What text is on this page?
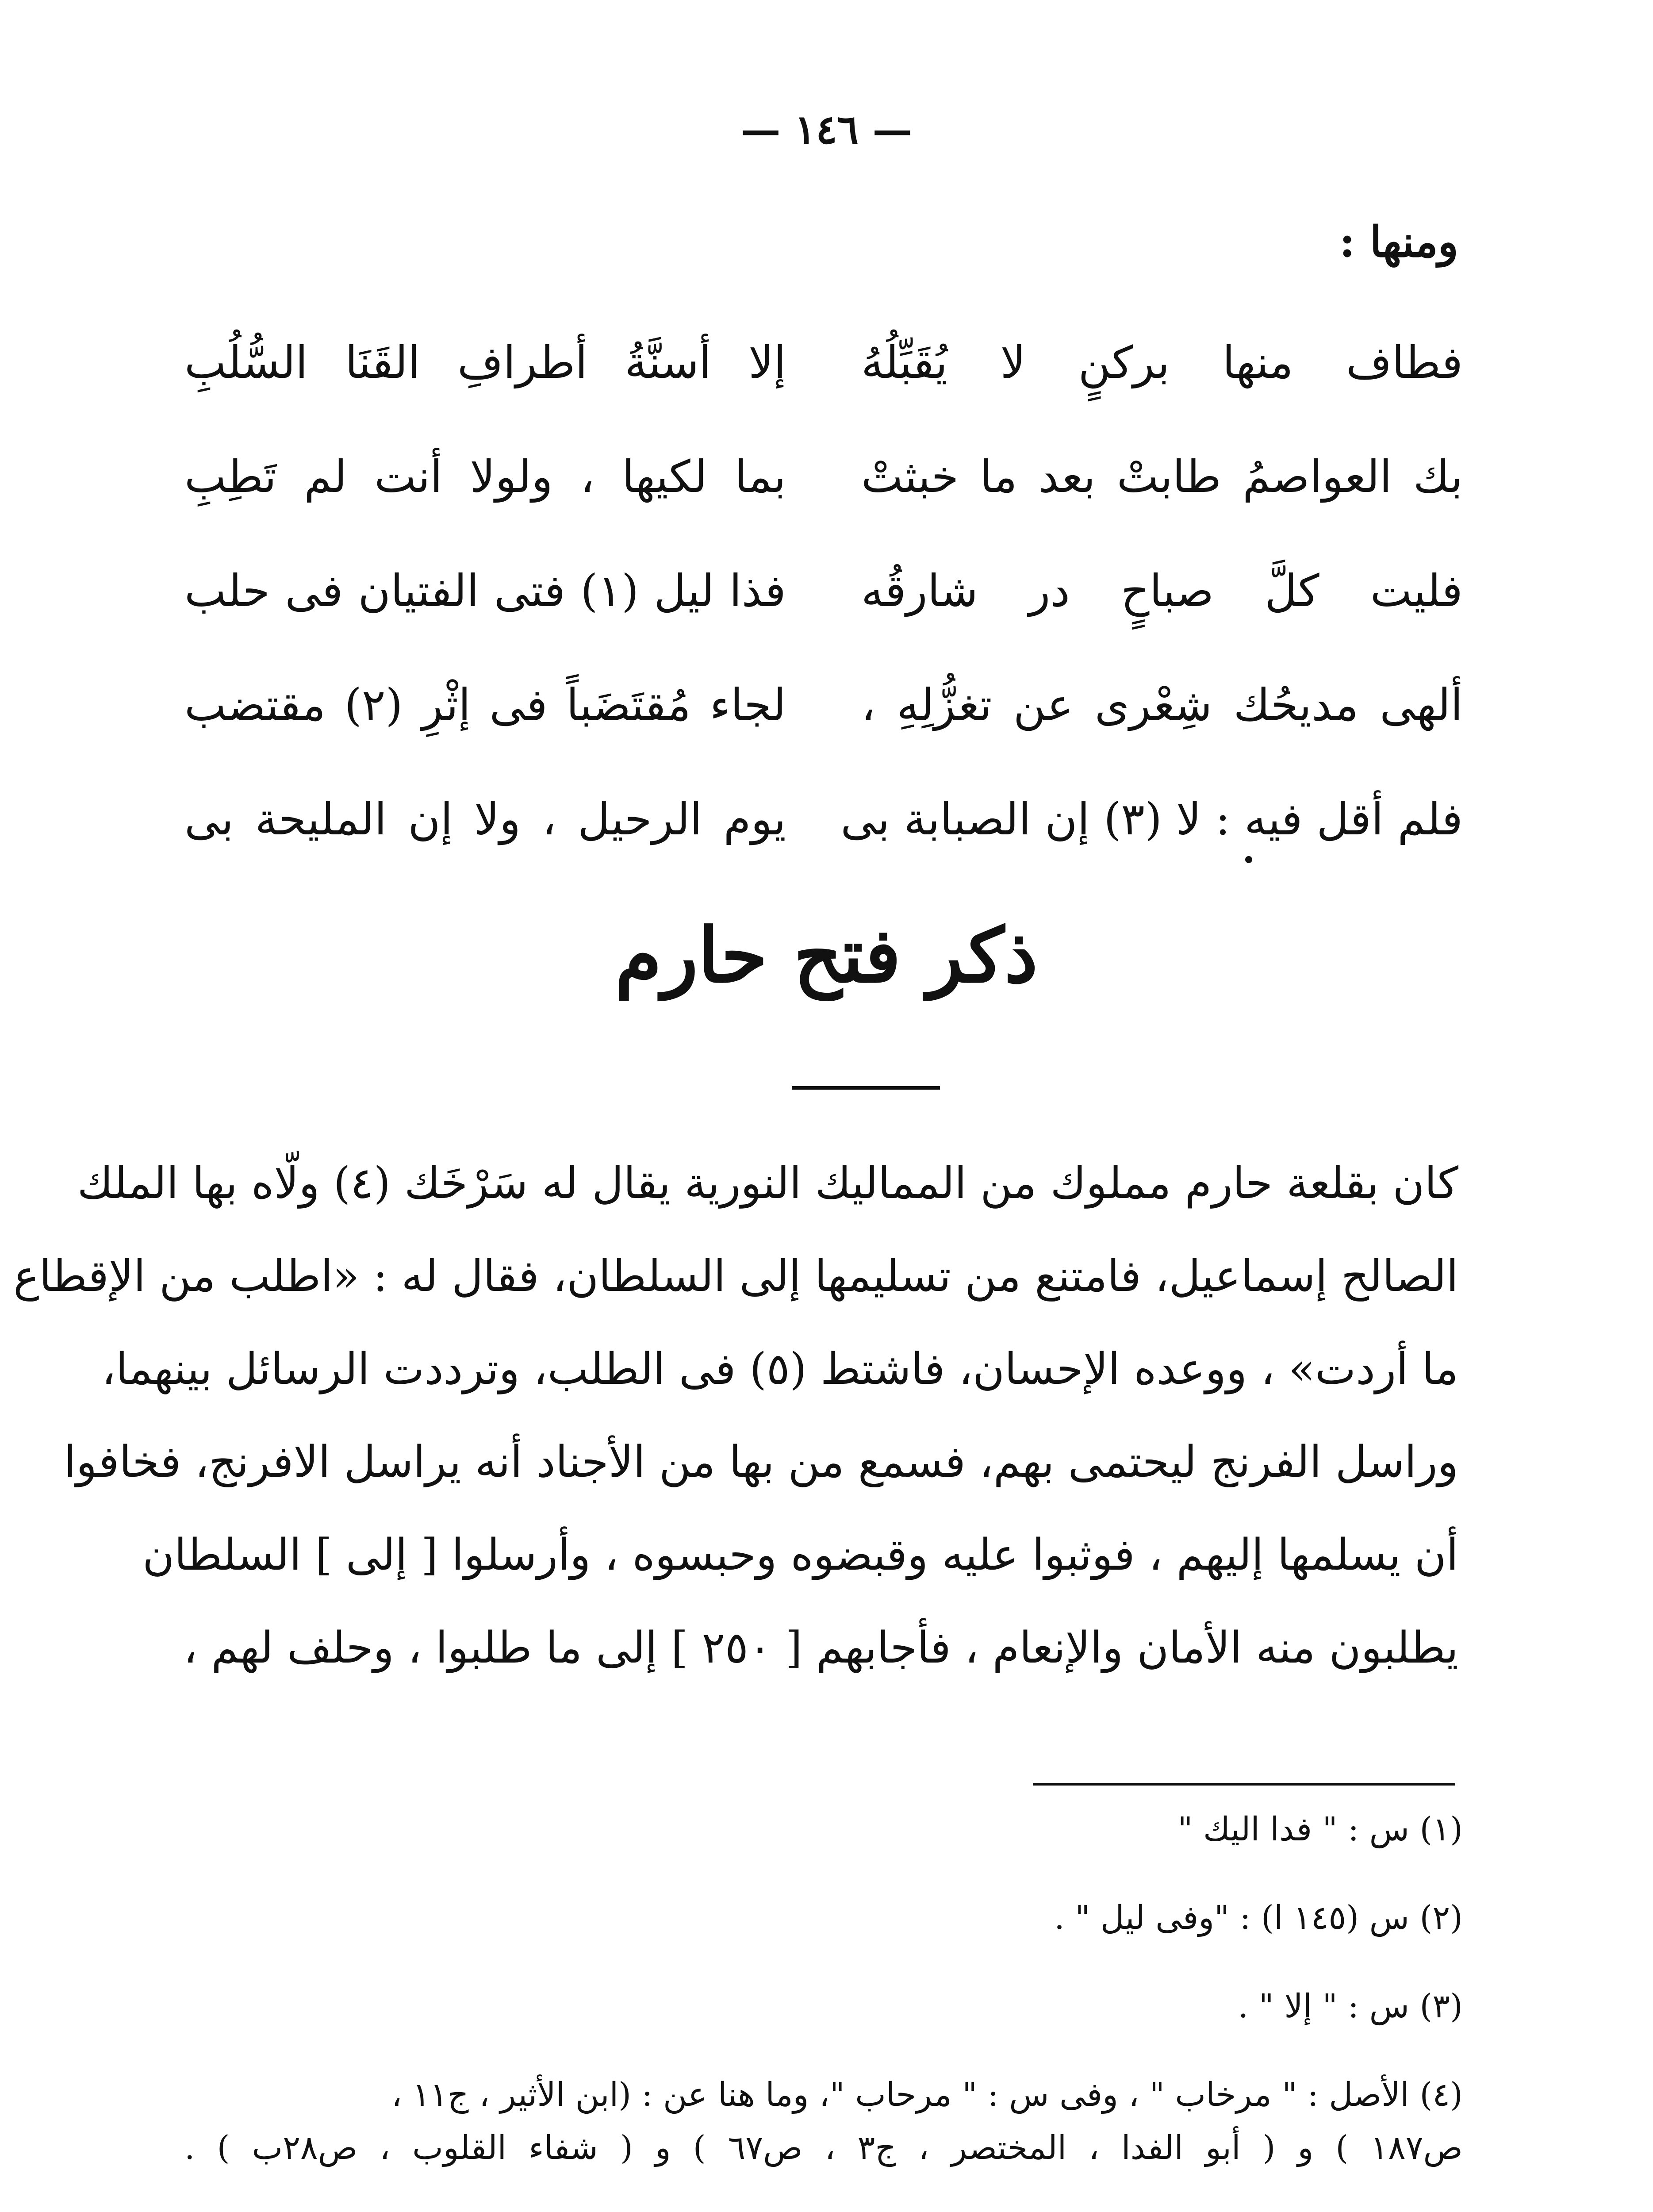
— ١٤٦ —
ومنها :
فطاف منها بركنٍ لا يُقَبِّلُهُ
إلا أسنَّةُ أطرافِ القَنَا السُّلُبِ
بك العواصمُ طابتْ بعد ما خبثتْ
بما لكيها ، ولولا أنت لم تَطِبِ
فليت كلَّ صباحٍ در شارقُه
فذا ليل (١) فتى الفتيان فى حلب
ألهى مديحُك شِعْرى عن تغزُّلِهِ ،
لجاء مُقتَضَباً فى إثْرِ (٢) مقتضب
فلم أقل فيه : لا (٣) إن الصبابة بى
يوم الرحيل ، ولا إن المليحة بى
ذكر فتح حارم
كان بقلعة حارم مملوك من المماليك النورية يقال له سَرْخَك (٤) ولّاه بها الملك
الصالح إسماعيل، فامتنع من تسليمها إلى السلطان، فقال له : «اطلب من الإقطاع
ما أردت» ، ووعده الإحسان، فاشتط (٥) فى الطلب، وترددت الرسائل بينهما،
وراسل الفرنج ليحتمى بهم، فسمع من بها من الأجناد أنه يراسل الافرنج، فخافوا
أن يسلمها إليهم ، فوثبوا عليه وقبضوه وحبسوه ، وأرسلوا [ إلى ] السلطان
يطلبون منه الأمان والإنعام ، فأجابهم [ ٢٥٠ ] إلى ما طلبوا ، وحلف لهم ،
(١) س : " فدا اليك "
(٢) س (١٤٥ ا) : "وفى ليل " .
(٣) س : " إلا " .
(٤) الأصل : " مرخاب " ، وفى س : " مرحاب "، وما هنا عن : (ابن الأثير ، ج١١ ،
ص١٨٧ ) و ( أبو الفدا ، المختصر ، ج٣ ، ص٦٧ ) و ( شفاء القلوب ، ص٢٨ب ) .
